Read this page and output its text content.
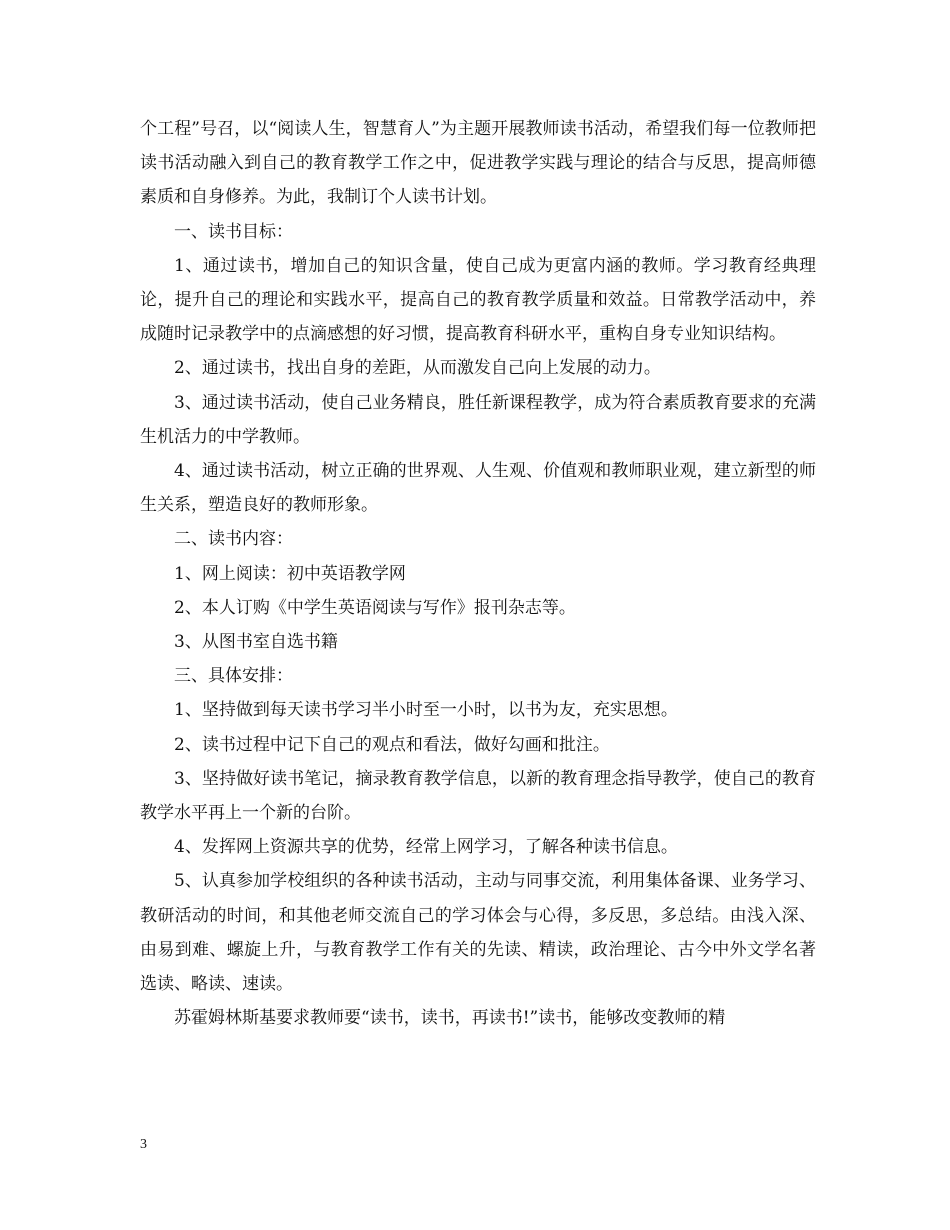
个工程”号召，以“阅读人生，智慧育人”为主题开展教师读书活动，希望我们每一位教师把读书活动融入到自己的教育教学工作之中，促进教学实践与理论的结合与反思，提高师德素质和自身修养。为此，我制订个人读书计划。

一、读书目标：

1、通过读书，增加自己的知识含量，使自己成为更富内涵的教师。学习教育经典理论，提升自己的理论和实践水平，提高自己的教育教学质量和效益。日常教学活动中，养成随时记录教学中的点滴感想的好习惯，提高教育科研水平，重构自身专业知识结构。

2、通过读书，找出自身的差距，从而激发自己向上发展的动力。

3、通过读书活动，使自己业务精良，胜任新课程教学，成为符合素质教育要求的充满生机活力的中学教师。

4、通过读书活动，树立正确的世界观、人生观、价值观和教师职业观，建立新型的师生关系，塑造良好的教师形象。

二、读书内容：

1、网上阅读：初中英语教学网

2、本人订购《中学生英语阅读与写作》报刊杂志等。

3、从图书室自选书籍

三、具体安排：

1、坚持做到每天读书学习半小时至一小时，以书为友，充实思想。

2、读书过程中记下自己的观点和看法，做好勾画和批注。

3、坚持做好读书笔记，摘录教育教学信息，以新的教育理念指导教学，使自己的教育教学水平再上一个新的台阶。

4、发挥网上资源共享的优势，经常上网学习，了解各种读书信息。

5、认真参加学校组织的各种读书活动，主动与同事交流，利用集体备课、业务学习、教研活动的时间，和其他老师交流自己的学习体会与心得，多反思，多总结。由浅入深、由易到难、螺旋上升，与教育教学工作有关的先读、精读，政治理论、古今中外文学名著选读、略读、速读。

苏霍姆林斯基要求教师要“读书，读书，再读书!”读书，能够改变教师的精

3
